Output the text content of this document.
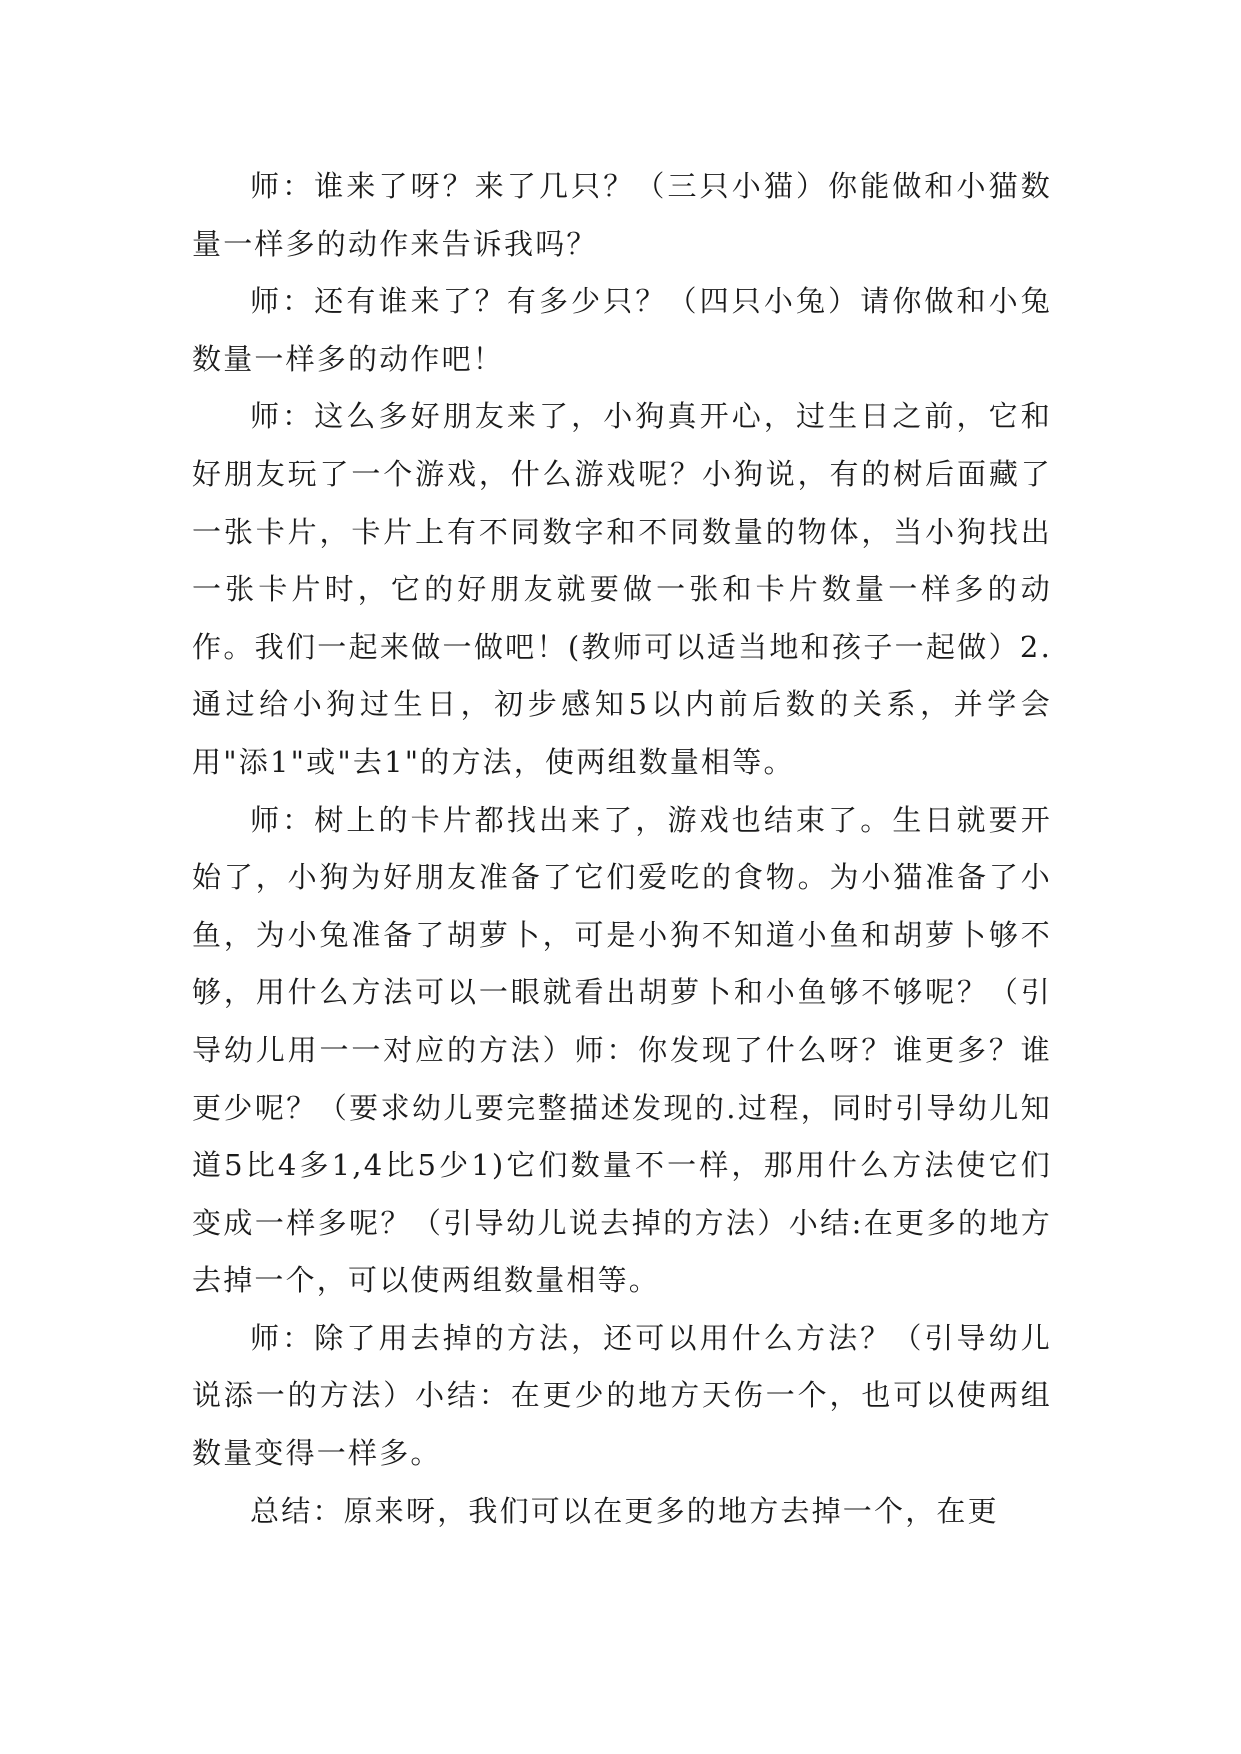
师：谁来了呀？来了几只？（三只小猫）你能做和小猫数量一样多的动作来告诉我吗？

师：还有谁来了？有多少只？（四只小兔）请你做和小兔数量一样多的动作吧！

师：这么多好朋友来了，小狗真开心，过生日之前，它和好朋友玩了一个游戏，什么游戏呢？小狗说，有的树后面藏了一张卡片，卡片上有不同数字和不同数量的物体，当小狗找出一张卡片时，它的好朋友就要做一张和卡片数量一样多的动作。我们一起来做一做吧！(教师可以适当地和孩子一起做）2.通过给小狗过生日，初步感知5以内前后数的关系，并学会用"添1"或"去1"的方法，使两组数量相等。

师：树上的卡片都找出来了，游戏也结束了。生日就要开始了，小狗为好朋友准备了它们爱吃的食物。为小猫准备了小鱼，为小兔准备了胡萝卜，可是小狗不知道小鱼和胡萝卜够不够，用什么方法可以一眼就看出胡萝卜和小鱼够不够呢？（引导幼儿用一一对应的方法）师：你发现了什么呀？谁更多？谁更少呢？（要求幼儿要完整描述发现的.过程，同时引导幼儿知道5比4多1,4比5少1)它们数量不一样，那用什么方法使它们变成一样多呢？（引导幼儿说去掉的方法）小结:在更多的地方去掉一个，可以使两组数量相等。

师：除了用去掉的方法，还可以用什么方法？（引导幼儿说添一的方法）小结：在更少的地方天伤一个，也可以使两组数量变得一样多。

总结：原来呀，我们可以在更多的地方去掉一个，在更
